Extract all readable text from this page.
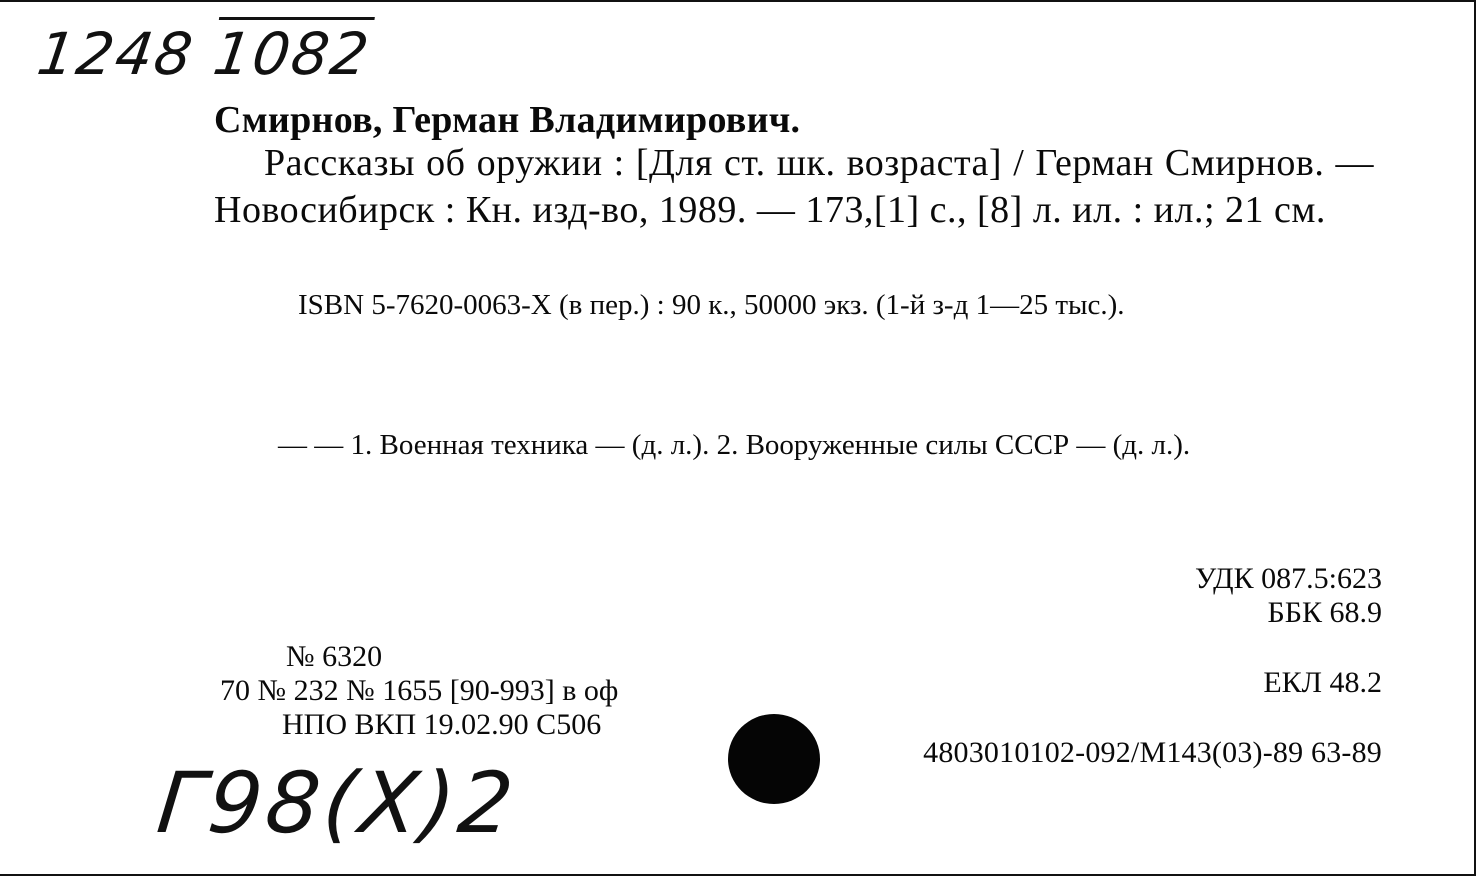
1248 1082
Смирнов, Герман Владимирович.
Рассказы об оружии : [Для ст. шк. возраста] / Герман Смирнов. — Новосибирск : Кн. изд-во, 1989. — 173,[1] с., [8] л. ил. : ил.; 21 см.
ISBN 5-7620-0063-X (в пер.) : 90 к., 50000 экз. (1-й з-д 1—25 тыс.).
— — 1. Военная техника — (д. л.). 2. Вооруженные силы СССР — (д. л.).
УДК 087.5:623
ББК 68.9
ЕКЛ 48.2
№ 6320
70 № 232 № 1655 [90-993] в оф
НПО ВКП 19.02.90 С506
4803010102-092/М143(03)-89 63-89
Г98(Х)2
